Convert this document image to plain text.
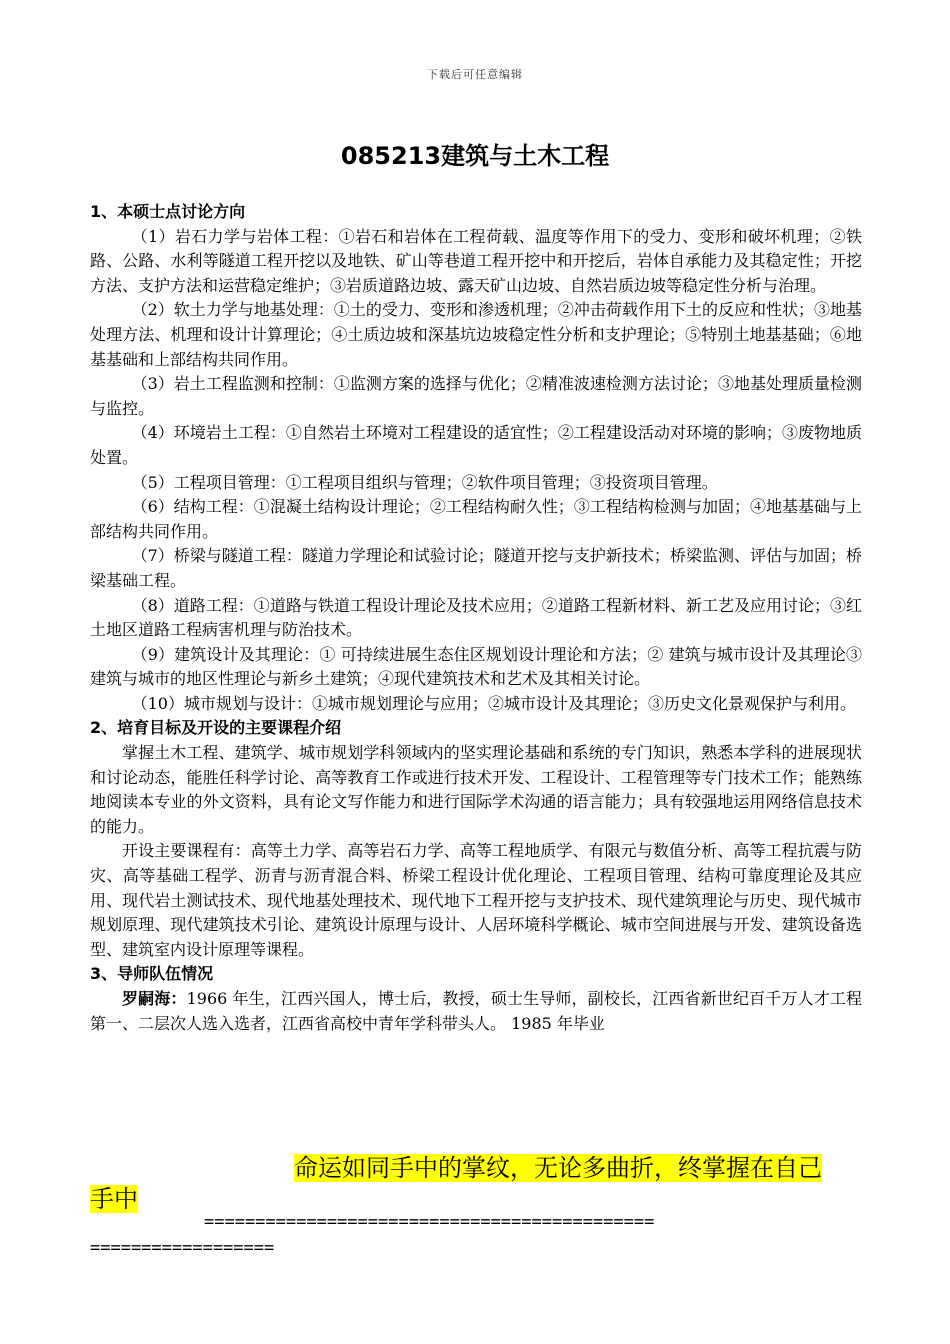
下载后可任意编辑
085213建筑与土木工程

1、本硕士点讨论方向

（1）岩石力学与岩体工程：①岩石和岩体在工程荷载、温度等作用下的受力、变形和破坏机理；②铁路、公路、水利等隧道工程开挖以及地铁、矿山等巷道工程开挖中和开挖后，岩体自承能力及其稳定性；开挖方法、支护方法和运营稳定维护；③岩质道路边坡、露天矿山边坡、自然岩质边坡等稳定性分析与治理。

（2）软土力学与地基处理：①土的受力、变形和渗透机理；②冲击荷载作用下土的反应和性状；③地基处理方法、机理和设计计算理论；④土质边坡和深基坑边坡稳定性分析和支护理论；⑤特别土地基基础；⑥地基基础和上部结构共同作用。

（3）岩土工程监测和控制：①监测方案的选择与优化；②精准波速检测方法讨论；③地基处理质量检测与监控。

（4）环境岩土工程：①自然岩土环境对工程建设的适宜性；②工程建设活动对环境的影响；③废物地质处置。

（5）工程项目管理：①工程项目组织与管理；②软件项目管理；③投资项目管理。

（6）结构工程：①混凝土结构设计理论；②工程结构耐久性；③工程结构检测与加固；④地基基础与上部结构共同作用。

（7）桥梁与隧道工程：隧道力学理论和试验讨论；隧道开挖与支护新技术；桥梁监测、评估与加固；桥梁基础工程。

（8）道路工程：①道路与铁道工程设计理论及技术应用；②道路工程新材料、新工艺及应用讨论；③红土地区道路工程病害机理与防治技术。

（9）建筑设计及其理论：① 可持续进展生态住区规划设计理论和方法；② 建筑与城市设计及其理论③ 建筑与城市的地区性理论与新乡土建筑；④现代建筑技术和艺术及其相关讨论。

（10）城市规划与设计：①城市规划理论与应用；②城市设计及其理论；③历史文化景观保护与利用。

2、培育目标及开设的主要课程介绍

掌握土木工程、建筑学、城市规划学科领域内的坚实理论基础和系统的专门知识，熟悉本学科的进展现状和讨论动态，能胜任科学讨论、高等教育工作或进行技术开发、工程设计、工程管理等专门技术工作；能熟练地阅读本专业的外文资料，具有论文写作能力和进行国际学术沟通的语言能力；具有较强地运用网络信息技术的能力。

开设主要课程有：高等土力学、高等岩石力学、高等工程地质学、有限元与数值分析、高等工程抗震与防灾、高等基础工程学、沥青与沥青混合料、桥梁工程设计优化理论、工程项目管理、结构可靠度理论及其应用、现代岩土测试技术、现代地基处理技术、现代地下工程开挖与支护技术、现代建筑理论与历史、现代城市规划原理、现代建筑技术引论、建筑设计原理与设计、人居环境科学概论、城市空间进展与开发、建筑设备选型、建筑室内设计原理等课程。

3、导师队伍情况

罗嗣海：1966 年生，江西兴国人，博士后，教授，硕士生导师，副校长，江西省新世纪百千万人才工程第一、二层次人选入选者，江西省高校中青年学科带头人。 1985 年毕业

命运如同手中的掌纹，无论多曲折，终掌握在自己
手中
============================================
==================
